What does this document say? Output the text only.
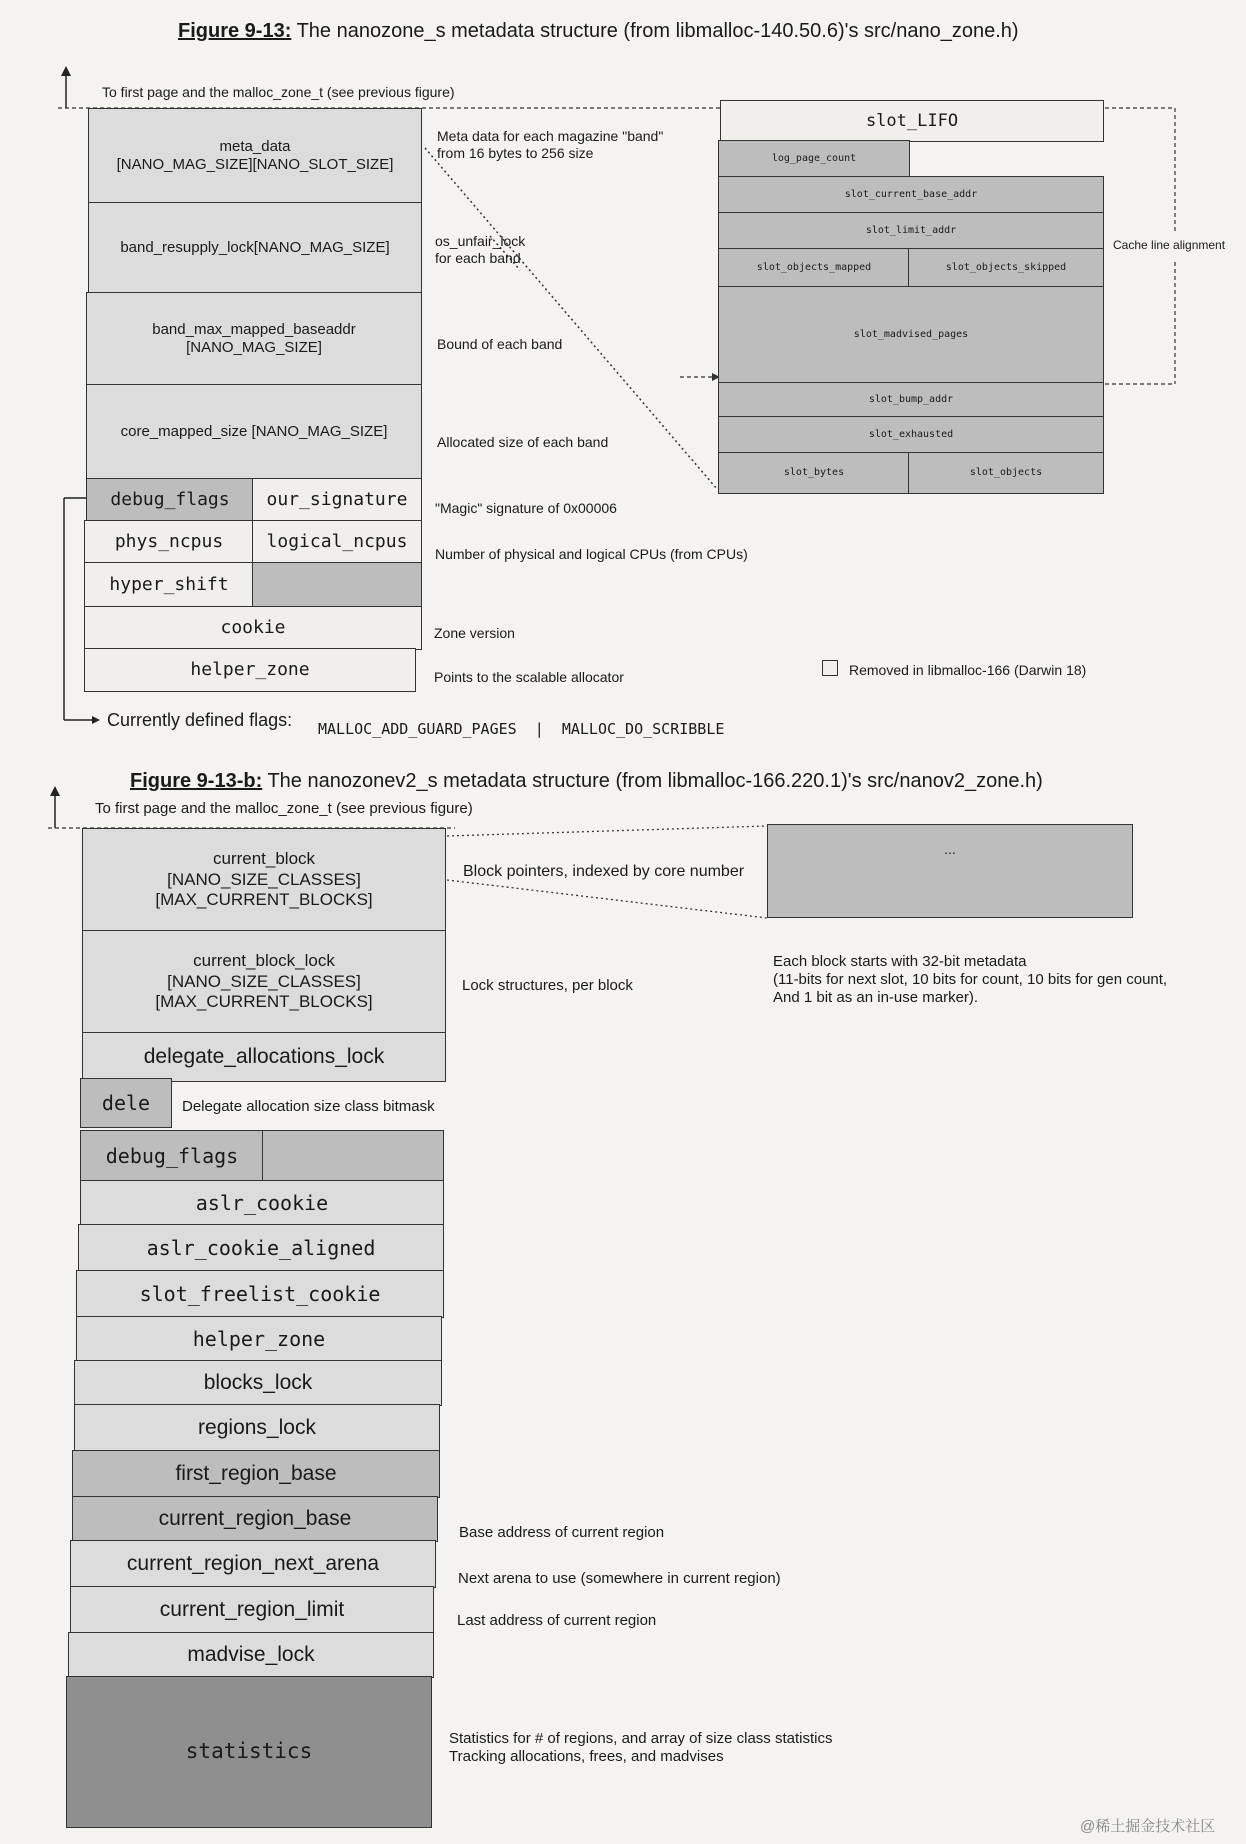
Figure 9-13: The nanozone_s metadata structure (from libmalloc-140.50.6)'s src/nano_zone.h)
To first page and the malloc_zone_t (see previous figure)
meta_data
[NANO_MAG_SIZE][NANO_SLOT_SIZE]
band_resupply_lock[NANO_MAG_SIZE]
band_max_mapped_baseaddr
[NANO_MAG_SIZE]
core_mapped_size [NANO_MAG_SIZE]
debug_flags	our_signature
phys_ncpus	logical_ncpus
hyper_shift
cookie
helper_zone
Meta data for each magazine "band"
from 16 bytes to 256 size
os_unfair_lock
for each band
Bound of each band
Allocated size of each band
"Magic" signature of 0x00006
Number of physical and logical CPUs (from CPUs)
Zone version
Points to the scalable allocator	Removed in libmalloc-166 (Darwin 18)
Currently defined flags: MALLOC_ADD_GUARD_PAGES  |  MALLOC_DO_SCRIBBLE
Cache line alignment
slot_LIFO
log_page_count
slot_current_base_addr
slot_limit_addr
slot_objects_mapped	slot_objects_skipped
slot_madvised_pages
slot_bump_addr
slot_exhausted
slot_bytes	slot_objects
Figure 9-13-b: The nanozonev2_s metadata structure (from libmalloc-166.220.1)'s src/nanov2_zone.h)
To first page and the malloc_zone_t (see previous figure)
current_block
[NANO_SIZE_CLASSES]
[MAX_CURRENT_BLOCKS]
current_block_lock
[NANO_SIZE_CLASSES]
[MAX_CURRENT_BLOCKS]
delegate_allocations_lock
dele
debug_flags
aslr_cookie
aslr_cookie_aligned
slot_freelist_cookie
helper_zone
blocks_lock
regions_lock
first_region_base
current_region_base
current_region_next_arena
current_region_limit
madvise_lock
statistics
...
Block pointers, indexed by core number
Each block starts with 32-bit metadata
(11-bits for next slot, 10 bits for count, 10 bits for gen count,
And 1 bit as an in-use marker).
Lock structures, per block
Delegate allocation size class bitmask
Base address of current region
Next arena to use (somewhere in current region)
Last address of current region
Statistics for # of regions, and array of size class statistics
Tracking allocations, frees, and madvises
@稀土掘金技术社区
